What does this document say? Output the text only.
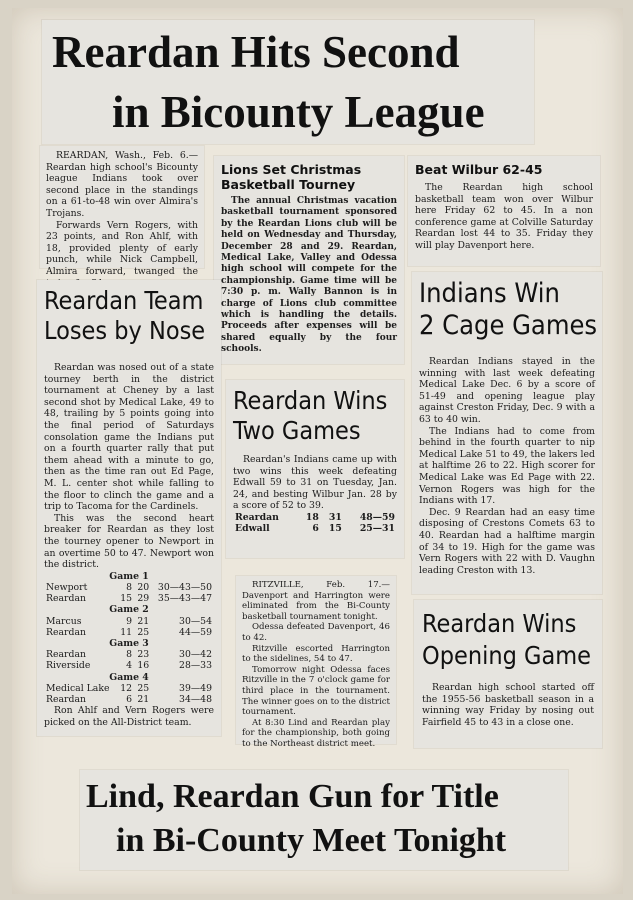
Reardan Hits Second
in Bicounty League

REARDAN, Wash., Feb. 6.—Reardan high school's Bicounty league Indians took over second place in the standings on a 61-to-48 win over Almira's Trojans.

Forwards Vern Rogers, with 23 points, and Ron Ahlf, with 18, provided plenty of early punch, while Nick Campbell, Almira forward, twanged the

Lions Set Christmas
Basketball Tourney

The annual Christmas vacation basketball tournament sponsored by the Reardan Lions club will be held on Wednesday and Thursday, December 28 and 29. Reardan, Medical Lake, Valley and Odessa high school will compete for the championship. Game time will be 7:30 p. m. Wally Bannon is in charge of Lions club committee which is handling the details. Proceeds after expenses will be shared equally by the four schools.

Beat Wilbur 62-45

The Reardan high school basketball team won over Wilbur here Friday 62 to 45. In a non conference game at Colville Saturday Reardan lost 44 to 35. Friday they will play Davenport here.

Reardan Team
Loses by Nose

Reardan was nosed out of a state tourney berth in the district tournament at Cheney by a last second shot by Medical Lake, 49 to 48, trailing by 5 points going into the final period of Saturdays consolation game the Indians put on a fourth quarter rally that put them ahead with a minute to go, then as the time ran out Ed Page, M. L. center shot while falling to the floor to clinch the game and a trip to Tacoma for the Cardinels.

This was the second heart breaker for Reardan as they lost the tourney opener to Newport in an overtime 50 to 47. Newport won the district.

Game 1			
Newport	8	20	30—43—50
Reardan	15	29	35—43—47
Game 2			
Marcus	9	21	30—54
Reardan	11	25	44—59
Game 3			
Reardan	8	23	30—42
Riverside	4	16	28—33
Game 4			
Medical Lake	12	25	39—49
Reardan	6	21	34—48

Ron Ahlf and Vern Rogers were picked on the All-District team.

Reardan Wins
Two Games

Reardan's Indians came up with two wins this week defeating Edwall 59 to 31 on Tuesday, Jan. 24, and besting Wilbur Jan. 28 by a score of 52 to 39.

Reardan	18	31	48—59
Edwall	6	15	25—31
Indians Win
2 Cage Games

Reardan Indians stayed in the winning with last week defeating Medical Lake Dec. 6 by a score of 51-49 and opening league play against Creston Friday, Dec. 9 with a 63 to 40 win.

The Indians had to come from behind in the fourth quarter to nip Medical Lake 51 to 49, the lakers led at halftime 26 to 22. High scorer for Medical Lake was Ed Page with 22. Vernon Rogers was high for the Indians with 17.

Dec. 9 Reardan had an easy time disposing of Crestons Comets 63 to 40. Reardan had a halftime margin of 34 to 19. High for the game was Vern Rogers with 22 with D. Vaughn leading Creston with 13.

RITZVILLE, Feb. 17.—Davenport and Harrington were eliminated from the Bi-County basketball tournament tonight.

Odessa defeated Davenport, 46 to 42.

Ritzville escorted Harrington to the sidelines, 54 to 47.

Tomorrow night Odessa faces Ritzville in the 7 o'clock game for third place in the tournament. The winner goes on to the district tournament.

At 8:30 Lind and Reardan play for the championship, both going to the Northeast district meet.

Reardan Wins
Opening Game

Reardan high school started off the 1955-56 basketball season in a winning way Friday by nosing out Fairfield 45 to 43 in a close one.

Lind, Reardan Gun for Title
in Bi-County Meet Tonight
